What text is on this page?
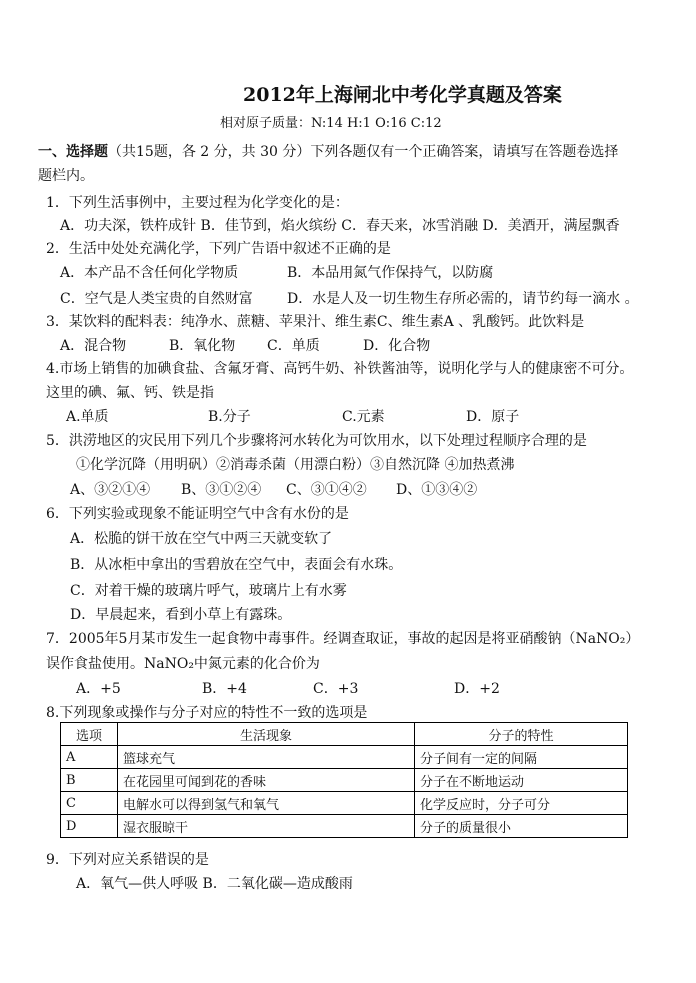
2012年上海闸北中考化学真题及答案
相对原子质量：N:14 H:1 O:16 C:12
一、选择题（共15题，各 2 分，共 30 分）下列各题仅有一个正确答案，请填写在答题卷选择
题栏内。
1．下列生活事例中，主要过程为化学变化的是：
A．功夫深，铁杵成针 B．佳节到，焰火缤纷 C．春天来，冰雪消融 D．美酒开，满屋飘香
2．生活中处处充满化学，下列广告语中叙述不正确的是
A．本产品不含任何化学物质	B．本品用氮气作保持气，以防腐
C．空气是人类宝贵的自然财富 D．水是人及一切生物生存所必需的，请节约每一滴水 。
3．某饮料的配料表：纯净水、蔗糖、苹果汁、维生素C、维生素A 、乳酸钙。此饮料是
A．混合物	B．氧化物 C．单质	D．化合物
4.市场上销售的加碘食盐、含氟牙膏、高钙牛奶、补铁酱油等，说明化学与人的健康密不可分。
这里的碘、氟、钙、铁是指
A.单质	B.分子	C.元素	D．原子
5．洪涝地区的灾民用下列几个步骤将河水转化为可饮用水，以下处理过程顺序合理的是
①化学沉降（用明矾）②消毒杀菌（用漂白粉）③自然沉降 ④加热煮沸
A、③②①④ B、③①②④ C、③①④② D、①③④②
6．下列实验或现象不能证明空气中含有水份的是
A．松脆的饼干放在空气中两三天就变软了
B．从冰柜中拿出的雪碧放在空气中，表面会有水珠。
C．对着干燥的玻璃片呼气，玻璃片上有水雾
D．早晨起来，看到小草上有露珠。
7．2005年5月某市发生一起食物中毒事件。经调查取证，事故的起因是将亚硝酸钠（NaNO₂）
误作食盐使用。NaNO₂中氮元素的化合价为
A．+5	B．+4	C．+3	D．+2
8.下列现象或操作与分子对应的特性不一致的选项是
选项	生活现象	分子的特性
A	篮球充气	分子间有一定的间隔
B	在花园里可闻到花的香味	分子在不断地运动
C	电解水可以得到氢气和氧气	化学反应时，分子可分
D	湿衣服晾干	分子的质量很小
9．下列对应关系错误的是
A．氧气—供人呼吸 B．二氧化碳—造成酸雨
